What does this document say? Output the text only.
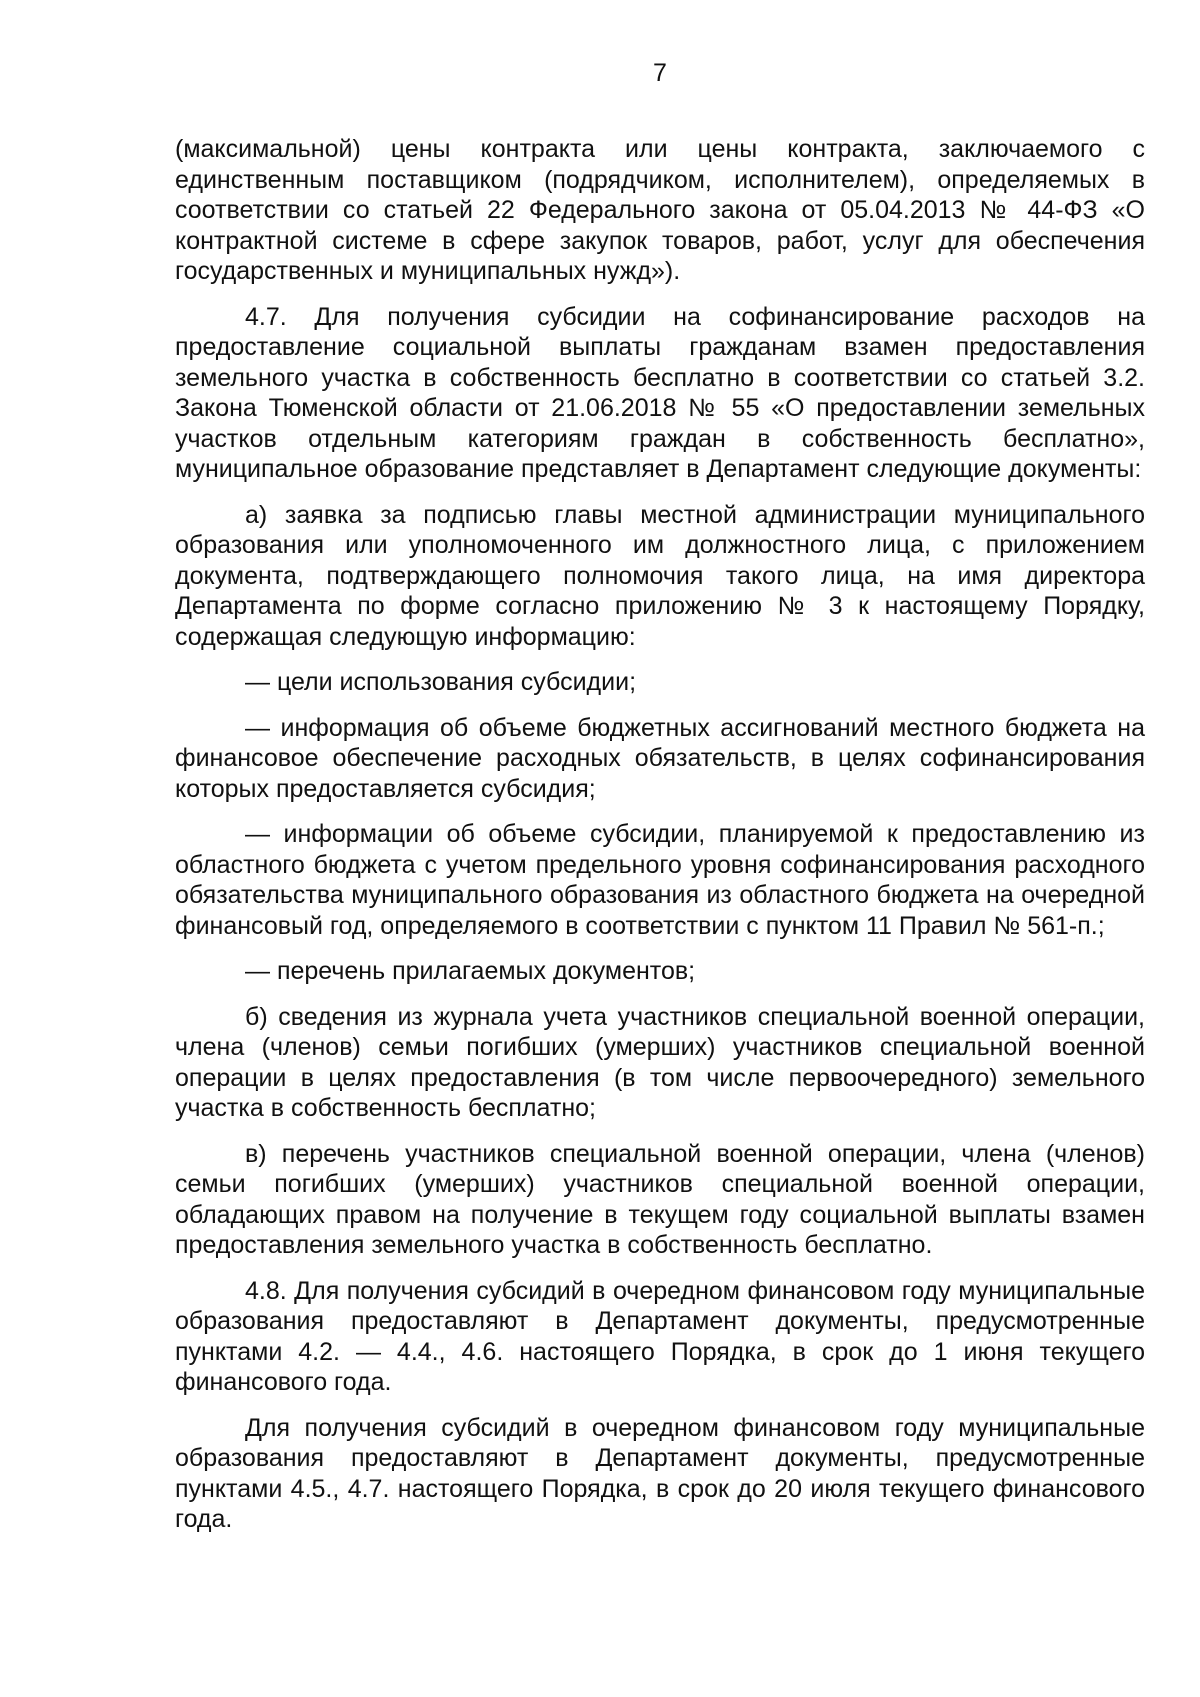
7

(максимальной) цены контракта или цены контракта, заключаемого с единственным поставщиком (подрядчиком, исполнителем), определяемых в соответствии со статьей 22 Федерального закона от 05.04.2013 № 44-ФЗ «О контрактной системе в сфере закупок товаров, работ, услуг для обеспечения государственных и муниципальных нужд»).

4.7. Для получения субсидии на софинансирование расходов на предоставление социальной выплаты гражданам взамен предоставления земельного участка в собственность бесплатно в соответствии со статьей 3.2. Закона Тюменской области от 21.06.2018 № 55 «О предоставлении земельных участков отдельным категориям граждан в собственность бесплатно», муниципальное образование представляет в Департамент следующие документы:

а) заявка за подписью главы местной администрации муниципального образования или уполномоченного им должностного лица, с приложением документа, подтверждающего полномочия такого лица, на имя директора Департамента по форме согласно приложению № 3 к настоящему Порядку, содержащая следующую информацию:

— цели использования субсидии;

— информация об объеме бюджетных ассигнований местного бюджета на финансовое обеспечение расходных обязательств, в целях софинансирования которых предоставляется субсидия;

— информации об объеме субсидии, планируемой к предоставлению из областного бюджета с учетом предельного уровня софинансирования расходного обязательства муниципального образования из областного бюджета на очередной финансовый год, определяемого в соответствии с пунктом 11 Правил № 561-п.;

— перечень прилагаемых документов;

б) сведения из журнала учета участников специальной военной операции, члена (членов) семьи погибших (умерших) участников специальной военной операции в целях предоставления (в том числе первоочередного) земельного участка в собственность бесплатно;

в) перечень участников специальной военной операции, члена (членов) семьи погибших (умерших) участников специальной военной операции, обладающих правом на получение в текущем году социальной выплаты взамен предоставления земельного участка в собственность бесплатно.

4.8. Для получения субсидий в очередном финансовом году муниципальные образования предоставляют в Департамент документы, предусмотренные пунктами 4.2. — 4.4., 4.6. настоящего Порядка, в срок до 1 июня текущего финансового года.

Для получения субсидий в очередном финансовом году муниципальные образования предоставляют в Департамент документы, предусмотренные пунктами 4.5., 4.7. настоящего Порядка, в срок до 20 июля текущего финансового года.
